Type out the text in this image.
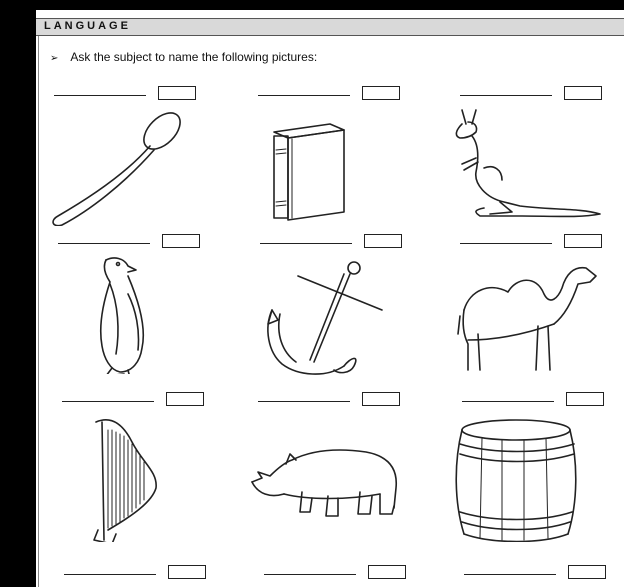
LANGUAGE
➢ Ask the subject to name the following pictures:
